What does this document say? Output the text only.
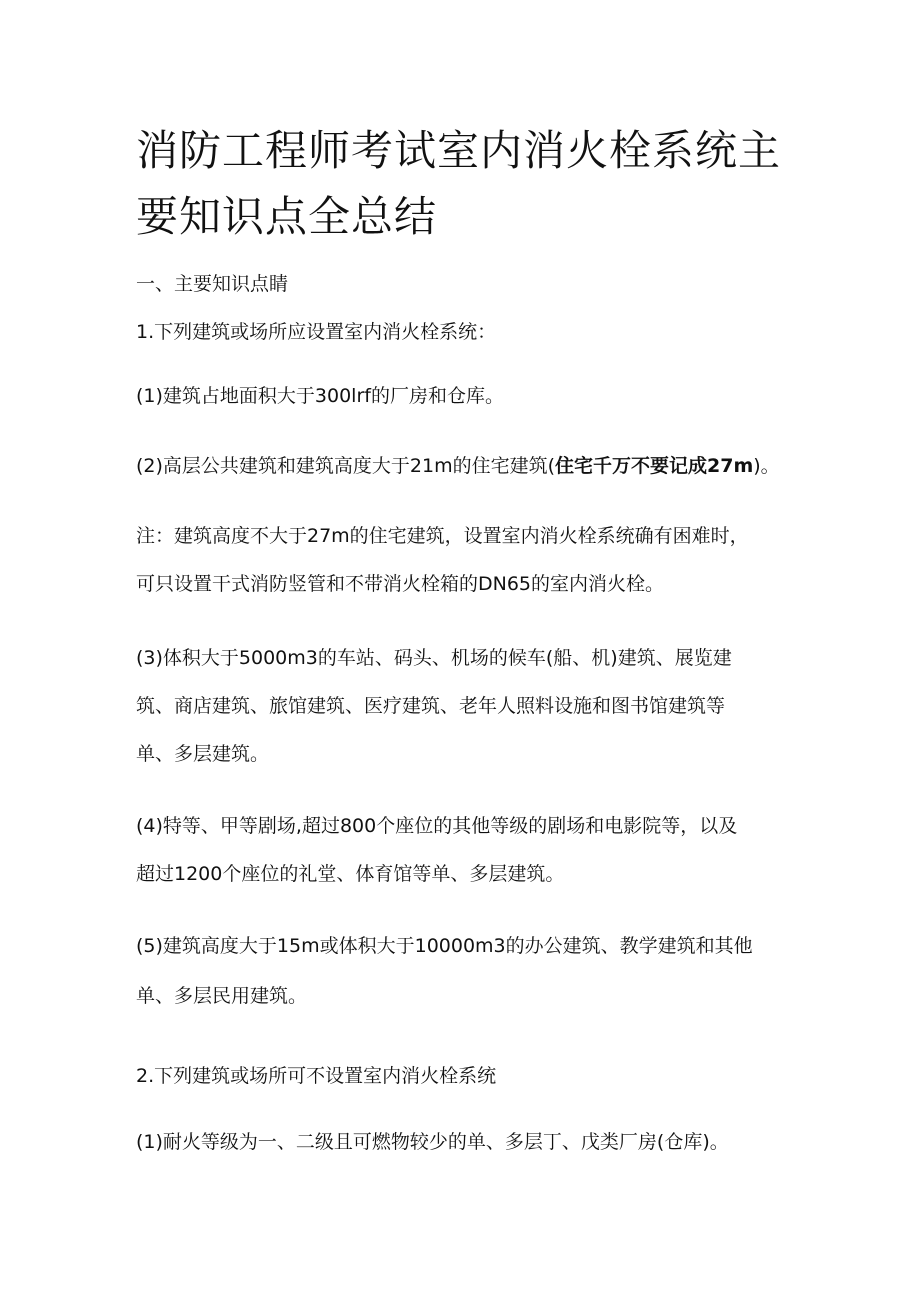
消防工程师考试室内消火栓系统主
要知识点全总结

一、主要知识点睛

1.下列建筑或场所应设置室内消火栓系统：

(1)建筑占地面积大于300lrf的厂房和仓库。

(2)高层公共建筑和建筑高度大于21m的住宅建筑(住宅千万不要记成27m)。

注：建筑高度不大于27m的住宅建筑，设置室内消火栓系统确有困难时，

可只设置干式消防竖管和不带消火栓箱的DN65的室内消火栓。

(3)体积大于5000m3的车站、码头、机场的候车(船、机)建筑、展览建

筑、商店建筑、旅馆建筑、医疗建筑、老年人照料设施和图书馆建筑等

单、多层建筑。

(4)特等、甲等剧场,超过800个座位的其他等级的剧场和电影院等，以及

超过1200个座位的礼堂、体育馆等单、多层建筑。

(5)建筑高度大于15m或体积大于10000m3的办公建筑、教学建筑和其他

单、多层民用建筑。

2.下列建筑或场所可不设置室内消火栓系统

(1)耐火等级为一、二级且可燃物较少的单、多层丁、戊类厂房(仓库)。
